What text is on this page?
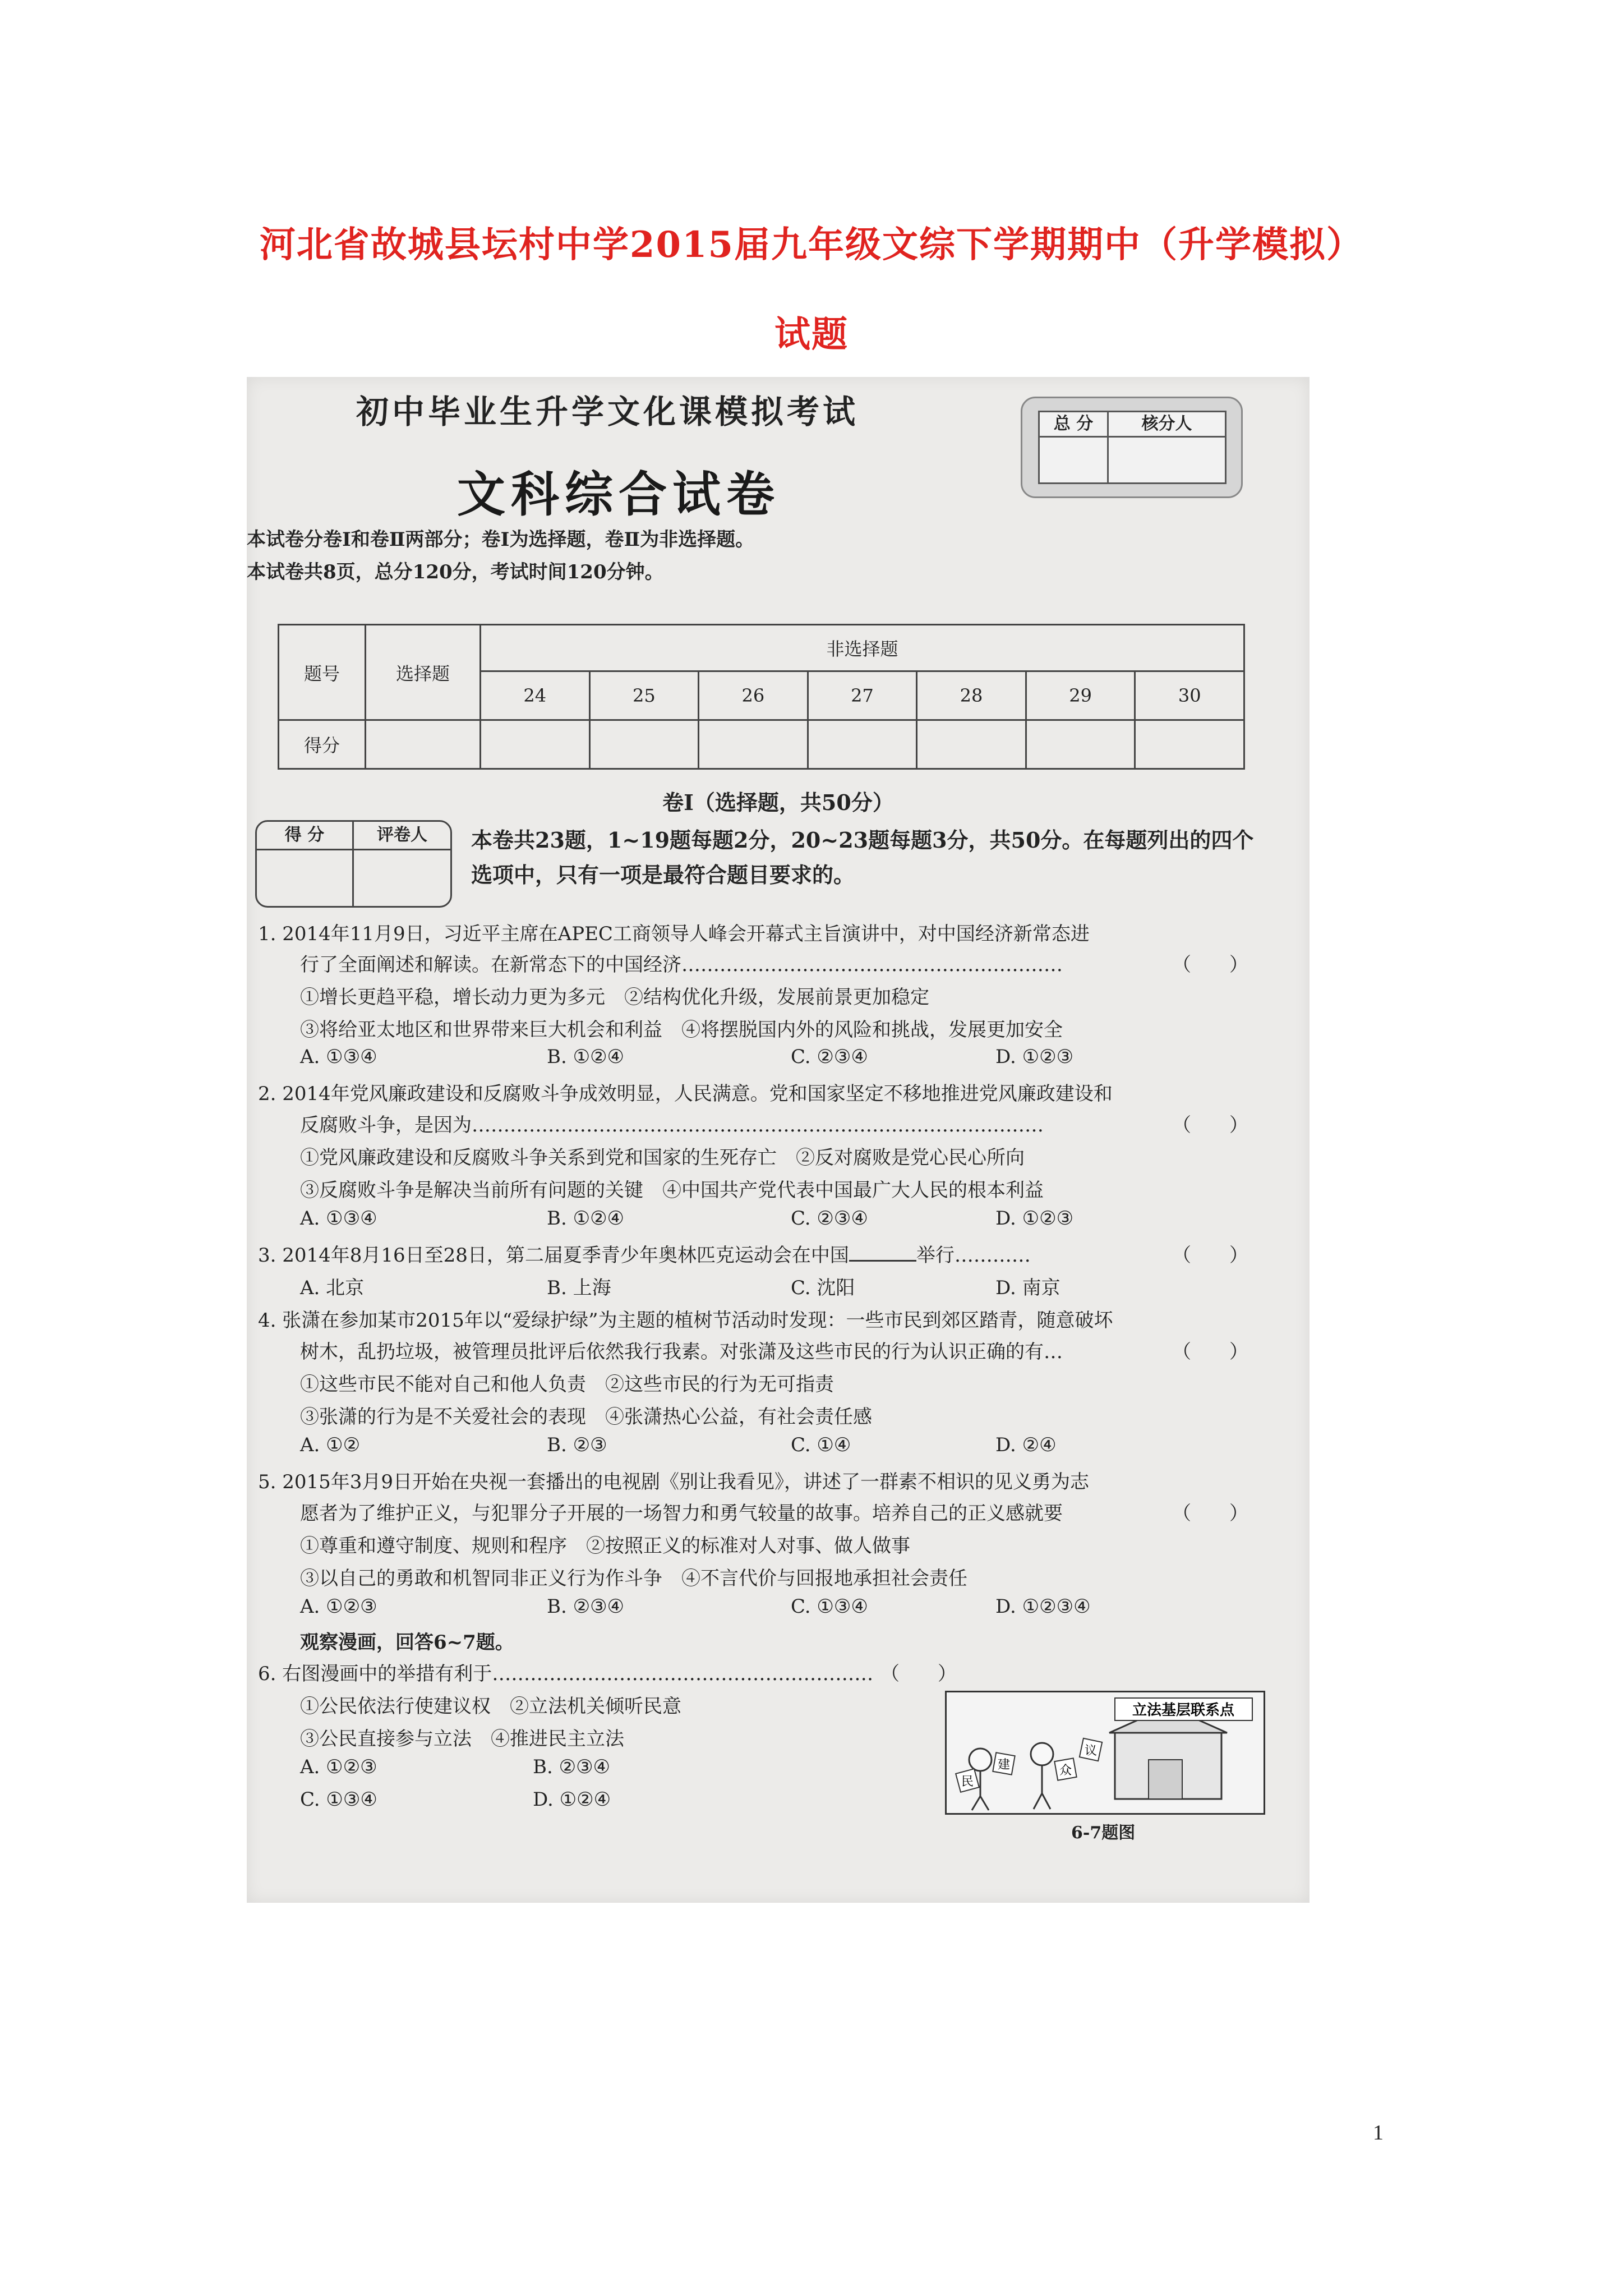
河北省故城县坛村中学2015届九年级文综下学期期中（升学模拟）
试题

初中毕业生升学文化课模拟考试
文科综合试卷
总 分	核分人
本试卷分卷Ⅰ和卷Ⅱ两部分；卷Ⅰ为选择题，卷Ⅱ为非选择题。
本试卷共8页，总分120分，考试时间120分钟。
题号	选择题	非选择题						
		24	25	26	27	28	29	30
得分								
卷Ⅰ（选择题，共50分）
得 分	评卷人	本卷共23题，1~19题每题2分，20~23题每题3分，共50分。在每题列出的四个
选项中，只有一项是最符合题目要求的。
1. 2014年11月9日，习近平主席在APEC工商领导人峰会开幕式主旨演讲中，对中国经济新常态进
行了全面阐述和解读。在新常态下的中国经济……………………………………………………	（　　）
①增长更趋平稳，增长动力更为多元　②结构优化升级，发展前景更加稳定
③将给亚太地区和世界带来巨大机会和利益　④将摆脱国内外的风险和挑战，发展更加安全
A. ①③④	B. ①②④	C. ②③④	D. ①②③
2. 2014年党风廉政建设和反腐败斗争成效明显，人民满意。党和国家坚定不移地推进党风廉政建设和
反腐败斗争，是因为………………………………………………………………………………	（　　）
①党风廉政建设和反腐败斗争关系到党和国家的生死存亡　②反对腐败是党心民心所向
③反腐败斗争是解决当前所有问题的关键　④中国共产党代表中国最广大人民的根本利益
A. ①③④	B. ①②④	C. ②③④	D. ①②③
3. 2014年8月16日至28日，第二届夏季青少年奥林匹克运动会在中国	举行…………	（　　）
A. 北京	B. 上海	C. 沈阳	D. 南京
4. 张潇在参加某市2015年以“爱绿护绿”为主题的植树节活动时发现：一些市民到郊区踏青，随意破坏
树木，乱扔垃圾，被管理员批评后依然我行我素。对张潇及这些市民的行为认识正确的有…	（　　）
①这些市民不能对自己和他人负责　②这些市民的行为无可指责
③张潇的行为是不关爱社会的表现　④张潇热心公益，有社会责任感
A. ①②	B. ②③	C. ①④	D. ②④
5. 2015年3月9日开始在央视一套播出的电视剧《别让我看见》，讲述了一群素不相识的见义勇为志
愿者为了维护正义，与犯罪分子开展的一场智力和勇气较量的故事。培养自己的正义感就要	（　　）
①尊重和遵守制度、规则和程序　②按照正义的标准对人对事、做人做事
③以自己的勇敢和机智同非正义行为作斗争　④不言代价与回报地承担社会责任
A. ①②③	B. ②③④	C. ①③④	D. ①②③④
观察漫画，回答6~7题。
6. 右图漫画中的举措有利于…………………………………………………… （　　）
①公民依法行使建议权　②立法机关倾听民意
③公民直接参与立法　④推进民主立法
A. ①②③	B. ②③④
C. ①③④	D. ①②④
立法基层联系点
民
建	众
议
6-7题图
1
